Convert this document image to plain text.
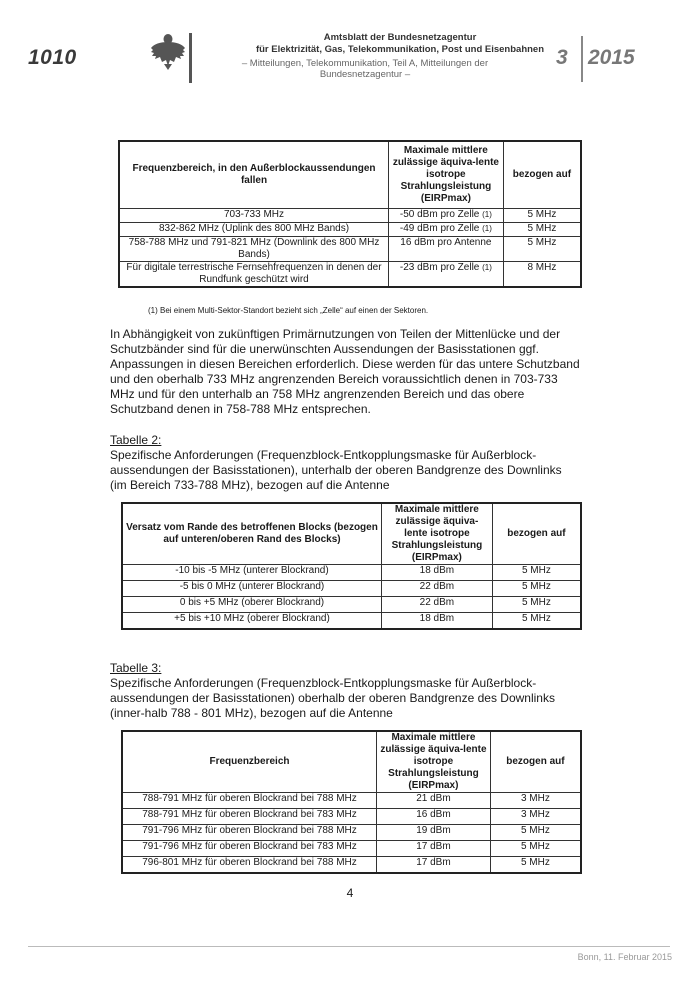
1010
Amtsblatt der Bundesnetzagentur
für Elektrizität, Gas, Telekommunikation, Post und Eisenbahnen
– Mitteilungen, Telekommunikation, Teil A, Mitteilungen der Bundesnetzagentur –
3 2015
Frequenzbereich, in den Außerblockaussendungen fallen	Maximale mittlere zulässige äquiva-lente isotrope Strahlungsleistung (EIRPmax)	bezogen auf
703-733 MHz	-50 dBm pro Zelle (1)	5 MHz
832-862 MHz (Uplink des 800 MHz Bands)	-49 dBm pro Zelle (1)	5 MHz
758-788 MHz und 791-821 MHz (Downlink des 800 MHz Bands)	16 dBm pro Antenne	5 MHz
Für digitale terrestrische Fernsehfrequenzen in denen der Rundfunk geschützt wird	-23 dBm pro Zelle (1)	8 MHz
(1) Bei einem Multi-Sektor-Standort bezieht sich „Zelle“ auf einen der Sektoren.
In Abhängigkeit von zukünftigen Primärnutzungen von Teilen der Mittenlücke und der Schutzbänder sind für die unerwünschten Aussendungen der Basisstationen ggf. Anpassungen in diesen Bereichen erforderlich. Diese werden für das untere Schutzband und den oberhalb 733 MHz angrenzenden Bereich voraussichtlich denen in 703-733 MHz und für den unterhalb an 758 MHz angrenzenden Bereich und das obere Schutzband denen in 758-788 MHz entsprechen.
Tabelle 2:
Spezifische Anforderungen (Frequenzblock-Entkopplungsmaske für Außerblock-aussendungen der Basisstationen), unterhalb der oberen Bandgrenze des Downlinks (im Bereich 733-788 MHz), bezogen auf die Antenne
Versatz vom Rande des betroffenen Blocks (bezogen auf unteren/oberen Rand des Blocks)	Maximale mittlere zulässige äquiva-lente isotrope Strahlungsleistung (EIRPmax)	bezogen auf
-10 bis -5 MHz (unterer Blockrand)	18 dBm	5 MHz
-5 bis 0 MHz (unterer Blockrand)	22 dBm	5 MHz
0 bis +5 MHz (oberer Blockrand)	22 dBm	5 MHz
+5 bis +10 MHz (oberer Blockrand)	18 dBm	5 MHz
Tabelle 3:
Spezifische Anforderungen (Frequenzblock-Entkopplungsmaske für Außerblock-aussendungen der Basisstationen) oberhalb der oberen Bandgrenze des Downlinks (inner-halb 788 - 801 MHz), bezogen auf die Antenne
Frequenzbereich	Maximale mittlere zulässige äquiva-lente isotrope Strahlungsleistung (EIRPmax)	bezogen auf
788-791 MHz für oberen Blockrand bei 788 MHz	21 dBm	3 MHz
788-791 MHz für oberen Blockrand bei 783 MHz	16 dBm	3 MHz
791-796 MHz für oberen Blockrand bei 788 MHz	19 dBm	5 MHz
791-796 MHz für oberen Blockrand bei 783 MHz	17 dBm	5 MHz
796-801 MHz für oberen Blockrand bei 788 MHz	17 dBm	5 MHz
4
Bonn, 11. Februar 2015
